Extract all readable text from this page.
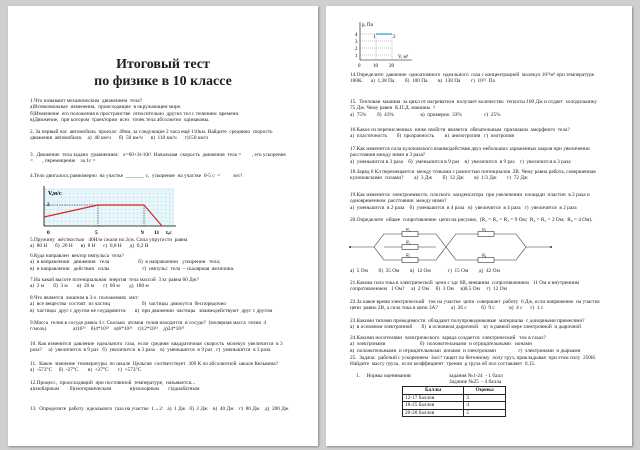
Итоговый тест
по физике в 10 классе
1.Что называют механическим  движением  тела?
а)Всевозможные  изменения,  происходящие  в окружающем мире.
б)Изменение  его положения в пространстве  относительно  других тел с течением  времени.
в)Движение,  при котором  траектории  всех  точек тела абсолютно  одинаковы.
2. За первый час  автомобиль  проехал  40км, за следующие 2 часа ещё 110км. Найдите  среднюю  скорость
движения  автомобиля.    а)  40 км/ч      б)  50 км/ч      в)  110 км/ч      г)150 км/ч
3.  Движение  тела задано  уравнением:   x=60+3t-10t². Начальная  скорость  движения  тела =        , его ускорение
=       , перемещение    за 1с =
4.Тело двигалось равномерно  на участке  _______ с,  ускорение  на участке  0-5 с  =          м/с².
5.Пружину  жёсткостью   40Н/м сжали на 2см. Сила упругости  равна
а)  80 Н      б)  20 Н      в)  8 Н      г)  0,8 Н      д)  0,2 Н
6.Куда направлен  вектор импульса  тела?
а)  в направлении   движения   тела                      б)  в направлении   ускорения   тела;
в)  в направлении   действия   силы                         г)  импульс  тела  – скалярная  величина.
7.На какой высоте потенциальная  энергия  тела массой  3 кг равна 60 Дж?
а)  2 м       б)  3 м       в)  20 м       г)  60 м       д)  180 м
8.Что является  лишним в 3-х  положениях  мкт:
а)  все вещества  состоят  из частиц                        б)  частицы  движутся  беспорядочно
в)  частицы  друг с другом не соударяются       в)  при движении  частицы   взаимодействуют  друг с другом
9.Масса  гелия в сосуде равна 4 г. Сколько  атомов  гелия находится  в сосуде?  (молярная масса  гелия  4
г/моль)                    а)10²³    б)4*10²³    в)6*10²³    г)12*10²³    д)24*10²³
10. Как изменится  давление  идеального  газа,  если  средняя  квадратичная  скорость  молекул  увеличится  в 3
раза?     а)  увеличится  в 9 раз   б)  увеличится  в 3 раза    в)  уменьшится  в 9 раз   г)  уменьшится  в 3 раза
11.  Какое  значение  температуры  по шкале  Цельсия  соответствует  300 К по абсолютной  шкале Кельвина?
а)  -573°С     б)  -27°С       в)  +27°С       г)  +573°С
12.Процесс,  происходящий  при постоянной  температуре,  называется...
а)изобарным        б)изотермическим              в)изохорным       г)адиабатным
13.  Определите  работу  идеального  газа на участке  1→2:   а)  1 Дж   б)  2 Дж    в)  40 Дж    г)  80 Дж    д)  200 Дж
V,м/с
2
t,c
0	5	9 11
p, Па
4
3
2
1
1	2
V, м³
0	10 20
14.Определите  давление  одноатомного  идеального  газа с концентрацией  молекул 10²¹м³ при температуре
100К.      а)  1,38 Па        б)  100 Па        в)  138 Па        г)  10²¹  Па
15.  Тепловая  машина  за цикл от нагревателя  получает количество  теплоты 100 Дж и отдает  холодильнику
75 Дж. Чему равен  К.П.Д. машины  ?
а)  75%        б)  43%                    в)  примерно  33%                 г)  25%
16.Какое из перечисленных  ниже свойств  является  обязательным  признаком  аморфного  тела?
а)  пластичность       б)  прозрачность        в)  анизотропия   г)  изотропия
17.Как изменится сила кулоновского взаимодействия двух небольших заряженных шаров при увеличении
расстояния между ними в 3 раза?
а)  уменьшится в 3 раза    б)  уменьшится в 9 раз    в)  увеличится  в 9 раз    г)  увеличится в 3 раза
18.Заряд 6 Кл перемещается  между точками с разностью потенциалов  2В. Чему равна работа, совершенная
кулоновскими  силами?        а)  3 Дж        б)  12 Дж        в)  1/3 Дж        г)  72 Дж
19.Как изменится  электроемкость  плоского  конденсатора  при увеличении  площади  пластин  в 2 раза и
одновременном  расстоянии  между ними?
а)  уменьшится  в 2 раза    б)  уменьшится  в 4 раза   в)  увеличится  в 4 раза   г)  увеличится  в 2 раза
20.Определите  общее  сопротивление  цепи на рисунке,  (R₁ = R₂ = R₃ = 9 Ом;  R₄ = R₅ = 2 Ом;  R₆ = 4 Ом).
а)  5 Ом        б)  35 Ом        в)  12 Ом             г)  15 Ом        д)  42 Ом
21.Какова сила тока в электрической  цепи с эдс 6В, внешним  сопротивлением   11 Ом и внутренним
сопротивлением   1 Ом?     а)  2 Ом     б)  3 Ом     в)0,5 Ом     г)  12 Ом
22.За какое время электрический   ток на участке  цепи  совершает  работу  6 Дж, если напряжение  на участке
цепи  равно 2В, а сила тока в цепи 3А?          а)  26 с           б)  9 с           в)  4 с      г)  1 с
23.Какими типами проводимости  обладают полупроводниковые  материалы  с донорными примесями?
а)  в основном электронной       б)  в основном дырочной    в)  в равной мере электронной  и дырочной
24.Какими носителями  электрического  заряда создается  электрический   ток в газах?
а)  электронами                          б)  положительными  и отрицательными   ионами
в)  положительными  и отрицательными  ионами  и электронами                 г)  электронами  и дырками
25.  Задача:  рабочий с ускорением  1м/с² тащит по бетонному  полу груз, прикладывая  при этом силу  250Н.
Найдите  массу груза,  если коэффициент  трения  μ груза об пол составляет  0,15.
R₁
R₂
R₃
R₄
R₆
1.     Нормы оценивания:	задания №1-24  - 1 балл
Задание №25  - 4 балла
Баллы	Оценка
12-17 баллов	3
18-25 баллов	4
26-28 баллов	5
